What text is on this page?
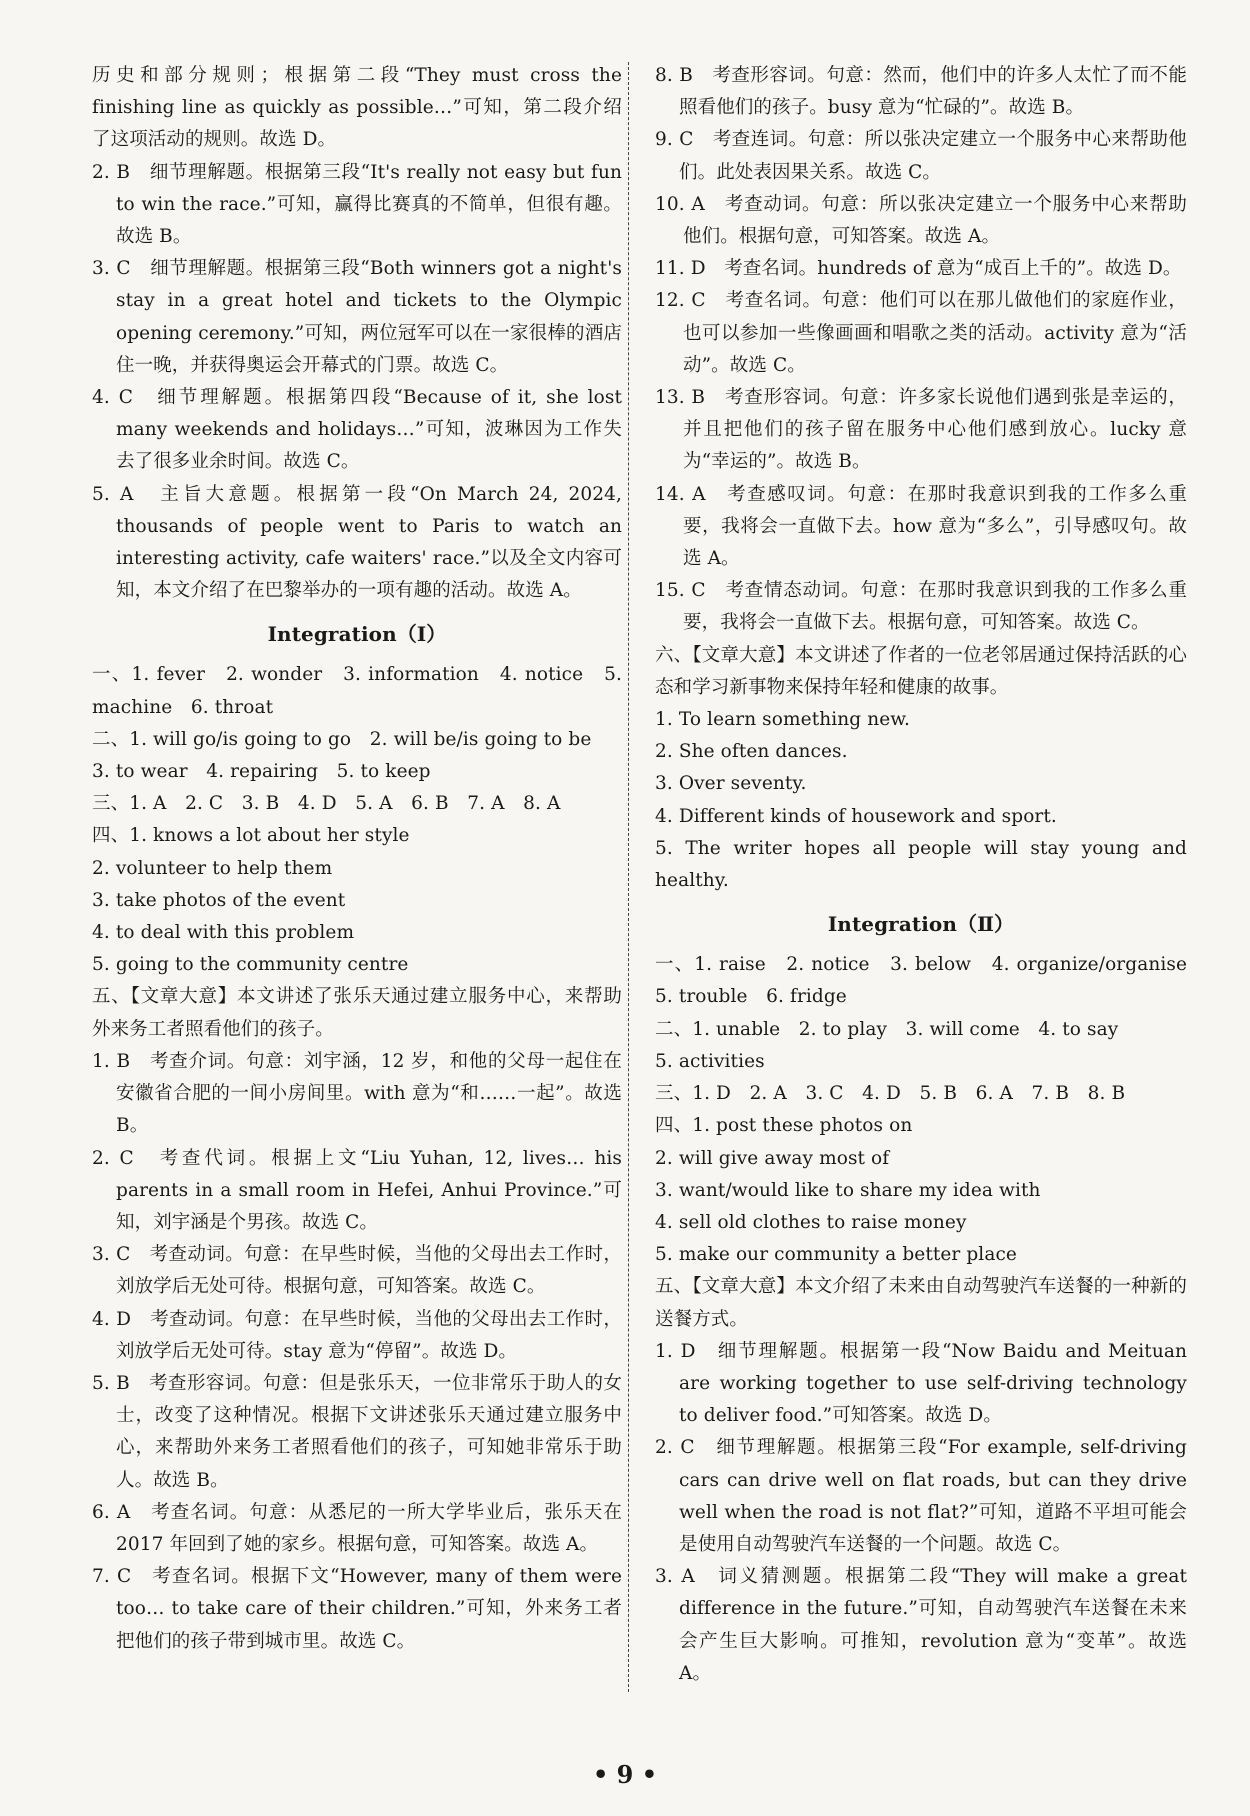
历史和部分规则；根据第二段“They must cross the finishing line as quickly as possible…”可知，第二段介绍了这项活动的规则。故选 D。
2. B　细节理解题。根据第三段“It's really not easy but fun to win the race.”可知，赢得比赛真的不简单，但很有趣。故选 B。
3. C　细节理解题。根据第三段“Both winners got a night's stay in a great hotel and tickets to the Olympic opening ceremony.”可知，两位冠军可以在一家很棒的酒店住一晚，并获得奥运会开幕式的门票。故选 C。
4. C　细节理解题。根据第四段“Because of it, she lost many weekends and holidays…”可知，波琳因为工作失去了很多业余时间。故选 C。
5. A　主旨大意题。根据第一段“On March 24, 2024, thousands of people went to Paris to watch an interesting activity, cafe waiters' race.”以及全文内容可知，本文介绍了在巴黎举办的一项有趣的活动。故选 A。
Integration（Ⅰ）
一、1. fever　2. wonder　3. information　4. notice　5. machine　6. throat
二、1. will go/is going to go　2. will be/is going to be
3. to wear　4. repairing　5. to keep
三、1. A　2. C　3. B　4. D　5. A　6. B　7. A　8. A
四、1. knows a lot about her style
2. volunteer to help them
3. take photos of the event
4. to deal with this problem
5. going to the community centre
五、【文章大意】本文讲述了张乐天通过建立服务中心，来帮助外来务工者照看他们的孩子。
1. B　考查介词。句意：刘宇涵，12 岁，和他的父母一起住在安徽省合肥的一间小房间里。with 意为“和……一起”。故选 B。
2. C　考查代词。根据上文“Liu Yuhan, 12, lives… his parents in a small room in Hefei, Anhui Province.”可知，刘宇涵是个男孩。故选 C。
3. C　考查动词。句意：在早些时候，当他的父母出去工作时，刘放学后无处可待。根据句意，可知答案。故选 C。
4. D　考查动词。句意：在早些时候，当他的父母出去工作时，刘放学后无处可待。stay 意为“停留”。故选 D。
5. B　考查形容词。句意：但是张乐天，一位非常乐于助人的女士，改变了这种情况。根据下文讲述张乐天通过建立服务中心，来帮助外来务工者照看他们的孩子，可知她非常乐于助人。故选 B。
6. A　考查名词。句意：从悉尼的一所大学毕业后，张乐天在 2017 年回到了她的家乡。根据句意，可知答案。故选 A。
7. C　考查名词。根据下文“However, many of them were too… to take care of their children.”可知，外来务工者把他们的孩子带到城市里。故选 C。
8. B　考查形容词。句意：然而，他们中的许多人太忙了而不能照看他们的孩子。busy 意为“忙碌的”。故选 B。
9. C　考查连词。句意：所以张决定建立一个服务中心来帮助他们。此处表因果关系。故选 C。
10. A　考查动词。句意：所以张决定建立一个服务中心来帮助他们。根据句意，可知答案。故选 A。
11. D　考查名词。hundreds of 意为“成百上千的”。故选 D。
12. C　考查名词。句意：他们可以在那儿做他们的家庭作业，也可以参加一些像画画和唱歌之类的活动。activity 意为“活动”。故选 C。
13. B　考查形容词。句意：许多家长说他们遇到张是幸运的，并且把他们的孩子留在服务中心他们感到放心。lucky 意为“幸运的”。故选 B。
14. A　考查感叹词。句意：在那时我意识到我的工作多么重要，我将会一直做下去。how 意为“多么”，引导感叹句。故选 A。
15. C　考查情态动词。句意：在那时我意识到我的工作多么重要，我将会一直做下去。根据句意，可知答案。故选 C。
六、【文章大意】本文讲述了作者的一位老邻居通过保持活跃的心态和学习新事物来保持年轻和健康的故事。
1. To learn something new.
2. She often dances.
3. Over seventy.
4. Different kinds of housework and sport.
5. The writer hopes all people will stay young and healthy.
Integration（Ⅱ）
一、1. raise　2. notice　3. below　4. organize/organise　5. trouble　6. fridge
二、1. unable　2. to play　3. will come　4. to say
5. activities
三、1. D　2. A　3. C　4. D　5. B　6. A　7. B　8. B
四、1. post these photos on
2. will give away most of
3. want/would like to share my idea with
4. sell old clothes to raise money
5. make our community a better place
五、【文章大意】本文介绍了未来由自动驾驶汽车送餐的一种新的送餐方式。
1. D　细节理解题。根据第一段“Now Baidu and Meituan are working together to use self-driving technology to deliver food.”可知答案。故选 D。
2. C　细节理解题。根据第三段“For example, self-driving cars can drive well on flat roads, but can they drive well when the road is not flat?”可知，道路不平坦可能会是使用自动驾驶汽车送餐的一个问题。故选 C。
3. A　词义猜测题。根据第二段“They will make a great difference in the future.”可知，自动驾驶汽车送餐在未来会产生巨大影响。可推知，revolution 意为“变革”。故选 A。
• 9 •
